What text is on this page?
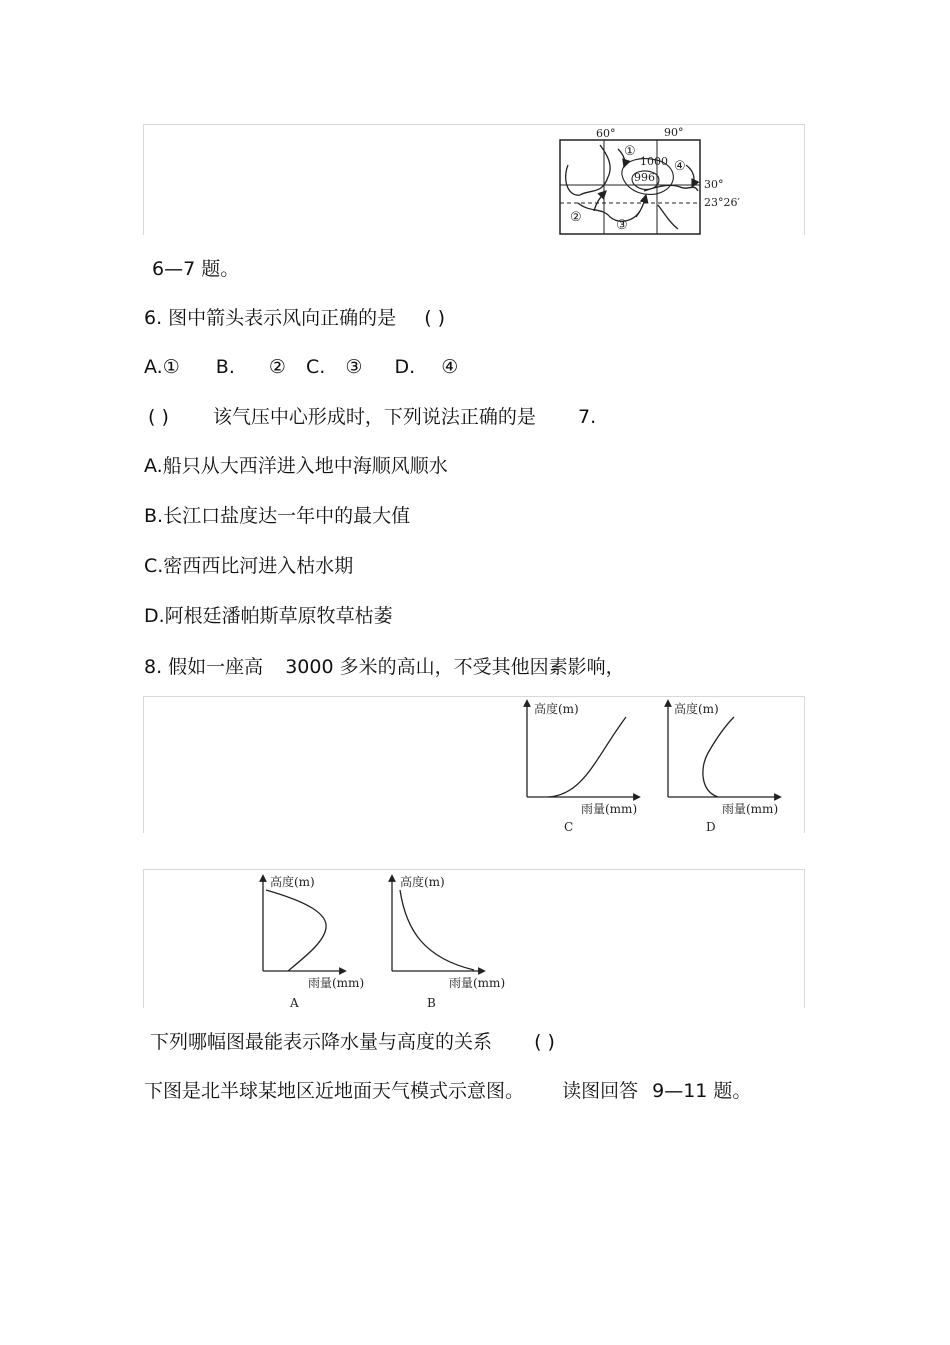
60°	90°
30°
23°26′
1000
996
①
②
③
④
6—7 题。
6. 图中箭头表示风向正确的是 ( )
A.① B. ② C. ③ D. ④
( ) 该气压中心形成时，下列说法正确的是 7.
A.船只从大西洋进入地中海顺风顺水
B.长江口盐度达一年中的最大值
C.密西西比河进入枯水期
D.阿根廷潘帕斯草原牧草枯萎
8. 假如一座高 3000 多米的高山，不受其他因素影响，
高度(m)
雨量(mm)
C
高度(m)
雨量(mm)
D
高度(m)
雨量(mm)
A
高度(m)
雨量(mm)
B
下列哪幅图最能表示降水量与高度的关系 ( )
下图是北半球某地区近地面天气模式示意图。 读图回答 9—11 题。
